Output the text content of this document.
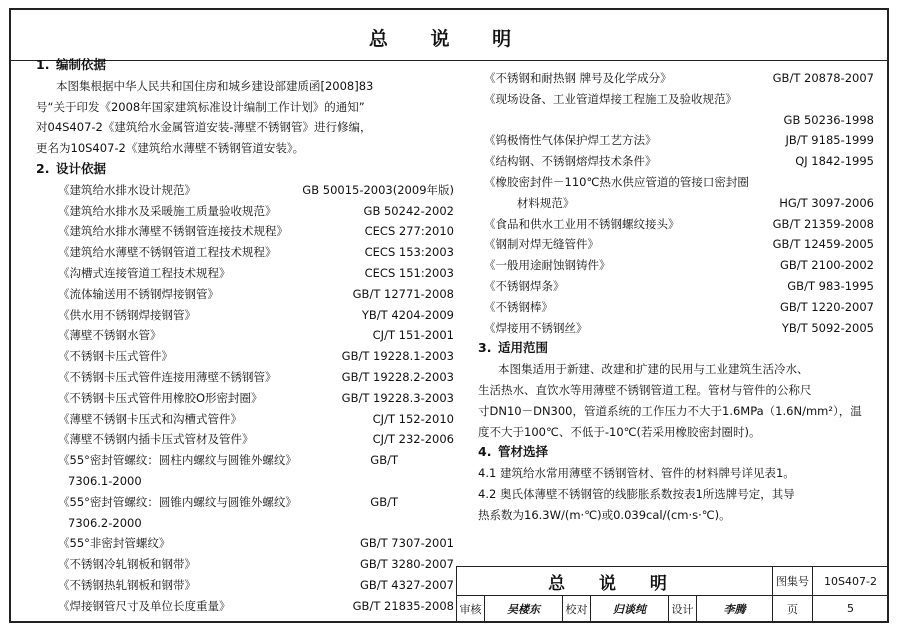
总 说 明
1. 编制依据
本图集根据中华人民共和国住房和城乡建设部建质函[2008]83
号“关于印发《2008年国家建筑标准设计编制工作计划》的通知”
对04S407-2《建筑给水金属管道安装-薄壁不锈钢管》进行修编，
更名为10S407-2《建筑给水薄壁不锈钢管道安装》。
2. 设计依据
《建筑给水排水设计规范》	GB 50015-2003(2009年版)
《建筑给水排水及采暖施工质量验收规范》	GB 50242-2002
《建筑给水排水薄壁不锈钢管连接技术规程》	CECS 277:2010
《建筑给水薄壁不锈钢管道工程技术规程》	CECS 153:2003
《沟槽式连接管道工程技术规程》	CECS 151:2003
《流体输送用不锈钢焊接钢管》	GB/T 12771-2008
《供水用不锈钢焊接钢管》	YB/T 4204-2009
《薄壁不锈钢水管》	CJ/T 151-2001
《不锈钢卡压式管件》	GB/T 19228.1-2003
《不锈钢卡压式管件连接用薄壁不锈钢管》	GB/T 19228.2-2003
《不锈钢卡压式管件用橡胶O形密封圈》	GB/T 19228.3-2003
《薄壁不锈钢卡压式和沟槽式管件》	CJ/T 152-2010
《薄壁不锈钢内插卡压式管材及管件》	CJ/T 232-2006
《55°密封管螺纹：圆柱内螺纹与圆锥外螺纹》	GB/T
7306.1-2000
《55°密封管螺纹：圆锥内螺纹与圆锥外螺纹》	GB/T
7306.2-2000
《55°非密封管螺纹》	GB/T 7307-2001
《不锈钢冷轧钢板和钢带》	GB/T 3280-2007
《不锈钢热轧钢板和钢带》	GB/T 4327-2007
《焊接钢管尺寸及单位长度重量》	GB/T 21835-2008
《不锈钢和耐热钢 牌号及化学成分》	GB/T 20878-2007
《现场设备、工业管道焊接工程施工及验收规范》
GB 50236-1998
《钨极惰性气体保护焊工艺方法》	JB/T 9185-1999
《结构钢、不锈钢熔焊技术条件》	QJ 1842-1995
《橡胶密封件－110℃热水供应管道的管接口密封圈
材料规范》	HG/T 3097-2006
《食品和供水工业用不锈钢螺纹接头》	GB/T 21359-2008
《钢制对焊无缝管件》	GB/T 12459-2005
《一般用途耐蚀钢铸件》	GB/T 2100-2002
《不锈钢焊条》	GB/T 983-1995
《不锈钢棒》	GB/T 1220-2007
《焊接用不锈钢丝》	YB/T 5092-2005
3. 适用范围
本图集适用于新建、改建和扩建的民用与工业建筑生活冷水、
生活热水、直饮水等用薄壁不锈钢管道工程。管材与管件的公称尺
寸DN10－DN300，管道系统的工作压力不大于1.6MPa（1.6N/mm²），温
度不大于100℃、不低于-10℃(若采用橡胶密封圈时)。
4. 管材选择
4.1 建筑给水常用薄壁不锈钢管材、管件的材料牌号详见表1。
4.2 奥氏体薄壁不锈钢管的线膨胀系数按表1所选牌号定，其导
热系数为16.3W/(m·℃)或0.039cal/(cm·s·℃)。
总 说 明	图集号	10S407-2
审核	吴楼东	校对	归谈纯	设计	李腾	页	5
